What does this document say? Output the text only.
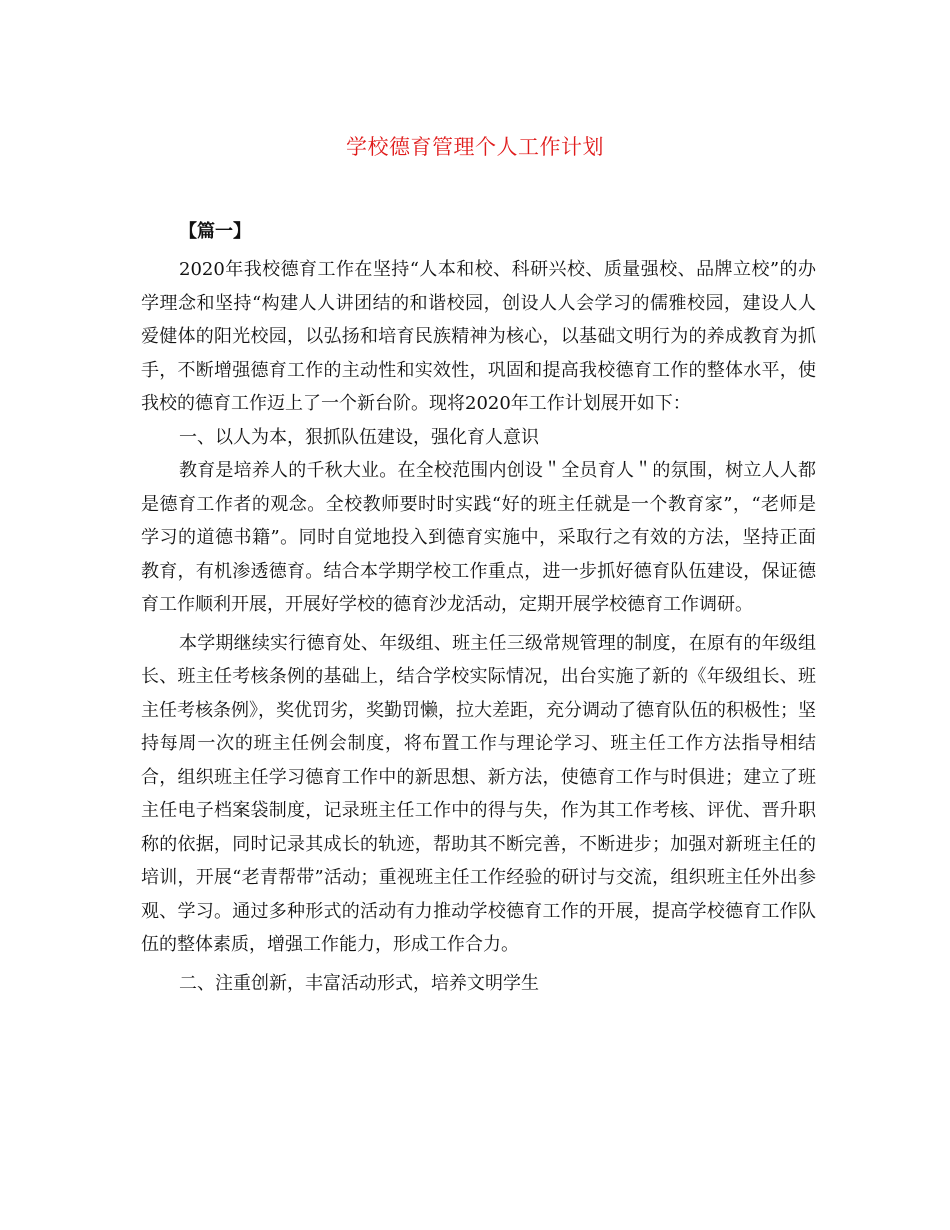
学校德育管理个人工作计划
【篇一】

2020年我校德育工作在坚持“人本和校、科研兴校、质量强校、品牌立校”的办学理念和坚持“构建人人讲团结的和谐校园，创设人人会学习的儒雅校园，建设人人爱健体的阳光校园，以弘扬和培育民族精神为核心，以基础文明行为的养成教育为抓手，不断增强德育工作的主动性和实效性，巩固和提高我校德育工作的整体水平，使我校的德育工作迈上了一个新台阶。现将2020年工作计划展开如下：

一、以人为本，狠抓队伍建设，强化育人意识

教育是培养人的千秋大业。在全校范围内创设＂全员育人＂的氛围，树立人人都是德育工作者的观念。全校教师要时时实践“好的班主任就是一个教育家”，“老师是学习的道德书籍”。同时自觉地投入到德育实施中，采取行之有效的方法，坚持正面教育，有机渗透德育。结合本学期学校工作重点，进一步抓好德育队伍建设，保证德育工作顺利开展，开展好学校的德育沙龙活动，定期开展学校德育工作调研。

本学期继续实行德育处、年级组、班主任三级常规管理的制度，在原有的年级组长、班主任考核条例的基础上，结合学校实际情况，出台实施了新的《年级组长、班主任考核条例》，奖优罚劣，奖勤罚懒，拉大差距，充分调动了德育队伍的积极性；坚持每周一次的班主任例会制度，将布置工作与理论学习、班主任工作方法指导相结合，组织班主任学习德育工作中的新思想、新方法，使德育工作与时俱进；建立了班主任电子档案袋制度，记录班主任工作中的得与失，作为其工作考核、评优、晋升职称的依据，同时记录其成长的轨迹，帮助其不断完善，不断进步；加强对新班主任的培训，开展“老青帮带”活动；重视班主任工作经验的研讨与交流，组织班主任外出参观、学习。通过多种形式的活动有力推动学校德育工作的开展，提高学校德育工作队伍的整体素质，增强工作能力，形成工作合力。

二、注重创新，丰富活动形式，培养文明学生
